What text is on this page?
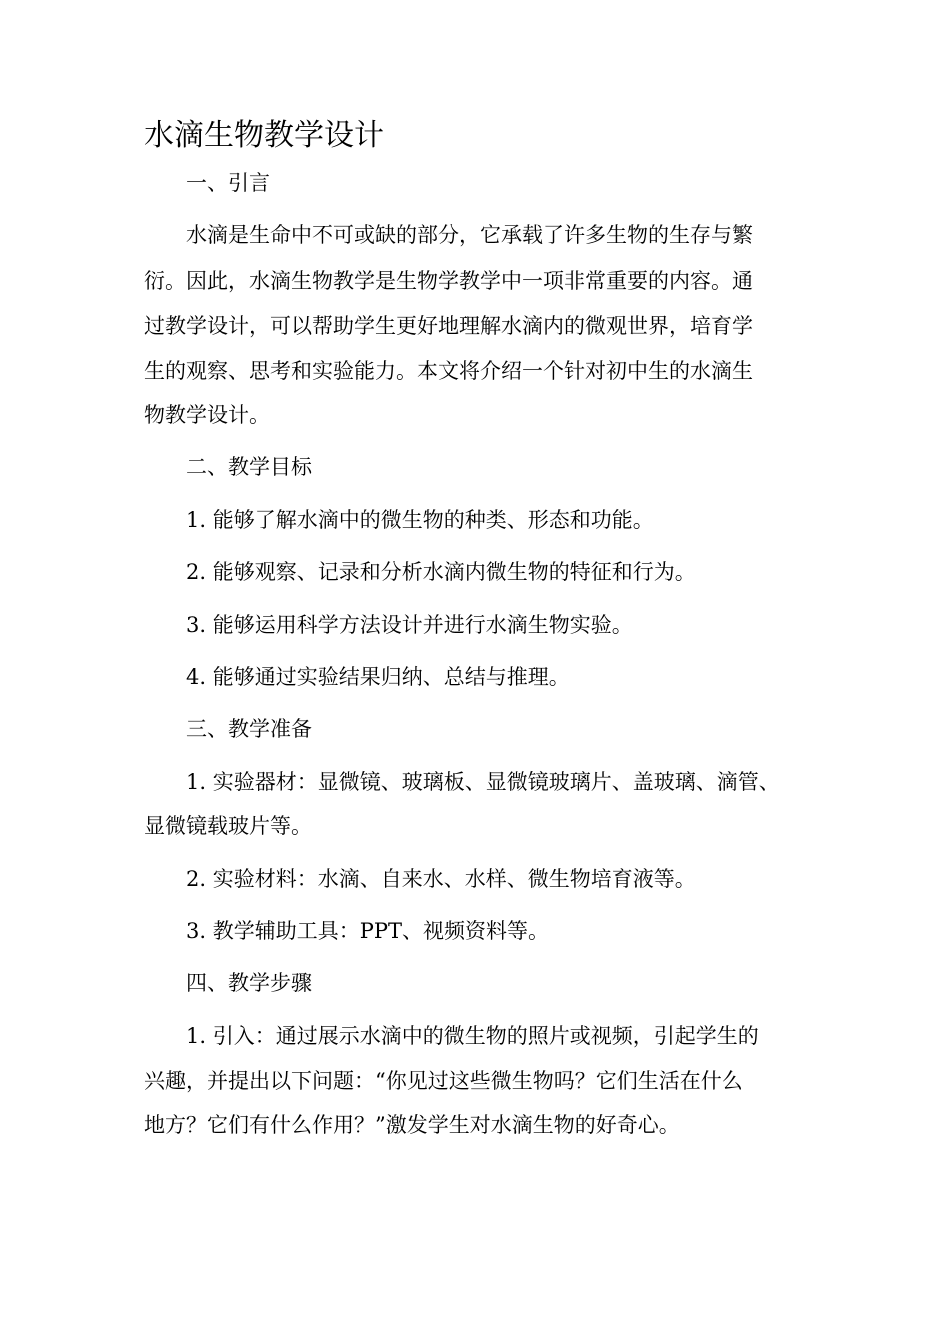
水滴生物教学设计

一、引言

水滴是生命中不可或缺的部分，它承载了许多生物的生存与繁

衍。因此，水滴生物教学是生物学教学中一项非常重要的内容。通

过教学设计，可以帮助学生更好地理解水滴内的微观世界，培育学

生的观察、思考和实验能力。本文将介绍一个针对初中生的水滴生

物教学设计。

二、教学目标

1. 能够了解水滴中的微生物的种类、形态和功能。

2. 能够观察、记录和分析水滴内微生物的特征和行为。

3. 能够运用科学方法设计并进行水滴生物实验。

4. 能够通过实验结果归纳、总结与推理。

三、教学准备

1. 实验器材：显微镜、玻璃板、显微镜玻璃片、盖玻璃、滴管、

显微镜载玻片等。

2. 实验材料：水滴、自来水、水样、微生物培育液等。

3. 教学辅助工具：PPT、视频资料等。

四、教学步骤

1. 引入：通过展示水滴中的微生物的照片或视频，引起学生的

兴趣，并提出以下问题：“你见过这些微生物吗？它们生活在什么

地方？它们有什么作用？”激发学生对水滴生物的好奇心。
